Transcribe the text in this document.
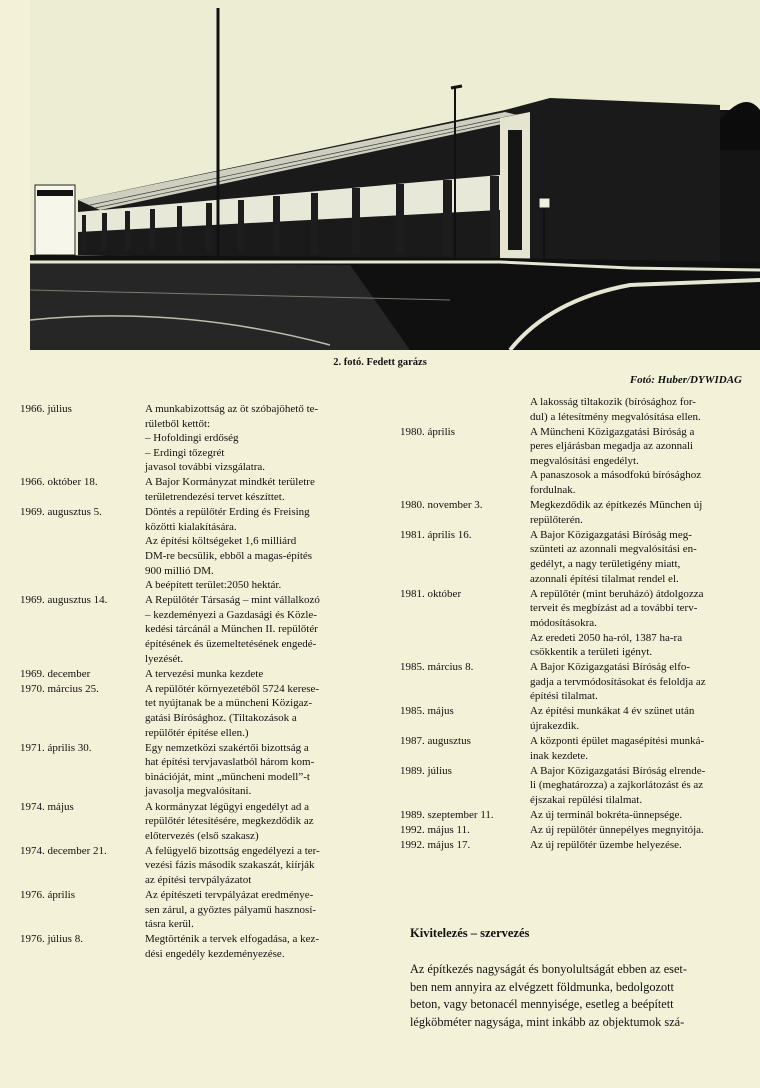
2. fotó. Fedett garázs
Fotó: Huber/DYWIDAG
1966. július	A munkabizottság az öt szóbajöhető te-
rületből kettőt:
– Hofoldingi erdőség
– Erdingi tőzegrét
javasol további vizsgálatra.
1966. október 18.	A Bajor Kormányzat mindkét területre
területrendezési tervet készíttet.
1969. augusztus 5.	Döntés a repülőtér Erding és Freising
közötti kialakítására.
Az építési költségeket 1,6 milliárd
DM-re becsülik, ebből a magas-építés
900 millió DM.
A beépített terület:2050 hektár.
1969. augusztus 14.	A Repülőtér Társaság – mint vállalkozó
– kezdeményezi a Gazdasági és Közle-
kedési tárcánál a München II. repülőtér
építésének és üzemeltetésének engedé-
lyezését.
1969. december	A tervezési munka kezdete
1970. március 25.	A repülőtér környezetéből 5724 kerese-
tet nyújtanak be a müncheni Közigaz-
gatási Bírósághoz. (Tiltakozások a
repülőtér építése ellen.)
1971. április 30.	Egy nemzetközi szakértői bizottság a
hat építési tervjavaslatból három kom-
binációját, mint „müncheni modell”-t
javasolja megvalósítani.
1974. május	A kormányzat légügyi engedélyt ad a
repülőtér létesítésére, megkezdődik az
előtervezés (első szakasz)
1974. december 21.	A felügyelő bizottság engedélyezi a ter-
vezési fázis második szakaszát, kiírják
az építési tervpályázatot
1976. április	Az építészeti tervpályázat eredménye-
sen zárul, a győztes pályamű hasznosí-
tásra kerül.
1976. július 8.	Megtörténik a tervek elfogadása, a kez-
dési engedély kezdeményezése.
A lakosság tiltakozik (bírósághoz for-
dul) a létesítmény megvalósítása ellen.
1980. április	A Müncheni Közigazgatási Bíróság a
peres eljárásban megadja az azonnali
megvalósítási engedélyt.
A panaszosok a másodfokú bírósághoz
fordulnak.
1980. november 3.	Megkezdődik az építkezés München új
repülőterén.
1981. április 16.	A Bajor Közigazgatási Bíróság meg-
szünteti az azonnali megvalósítási en-
gedélyt, a nagy területigény miatt,
azonnali építési tilalmat rendel el.
1981. október	A repülőtér (mint beruházó) átdolgozza
terveit és megbízást ad a további terv-
módosításokra.
Az eredeti 2050 ha-ról, 1387 ha-ra
csökkentik a területi igényt.
1985. március 8.	A Bajor Közigazgatási Bíróság elfo-
gadja a tervmódosításokat és feloldja az
építési tilalmat.
1985. május	Az építési munkákat 4 év szünet után
újrakezdik.
1987. augusztus	A központi épület magasépítési munká-
inak kezdete.
1989. július	A Bajor Közigazgatási Bíróság elrende-
li (meghatározza) a zajkorlátozást és az
éjszakai repülési tilalmat.
1989. szeptember 11.	Az új terminál bokréta-ünnepsége.
1992. május 11.	Az új repülőtér ünnepélyes megnyitója.
1992. május 17.	Az új repülőtér üzembe helyezése.
Kivitelezés – szervezés
Az építkezés nagyságát és bonyolultságát ebben az eset-
ben nem annyira az elvégzett földmunka, bedolgozott
beton, vagy betonacél mennyisége, esetleg a beépített
légköbméter nagysága, mint inkább az objektumok szá-
